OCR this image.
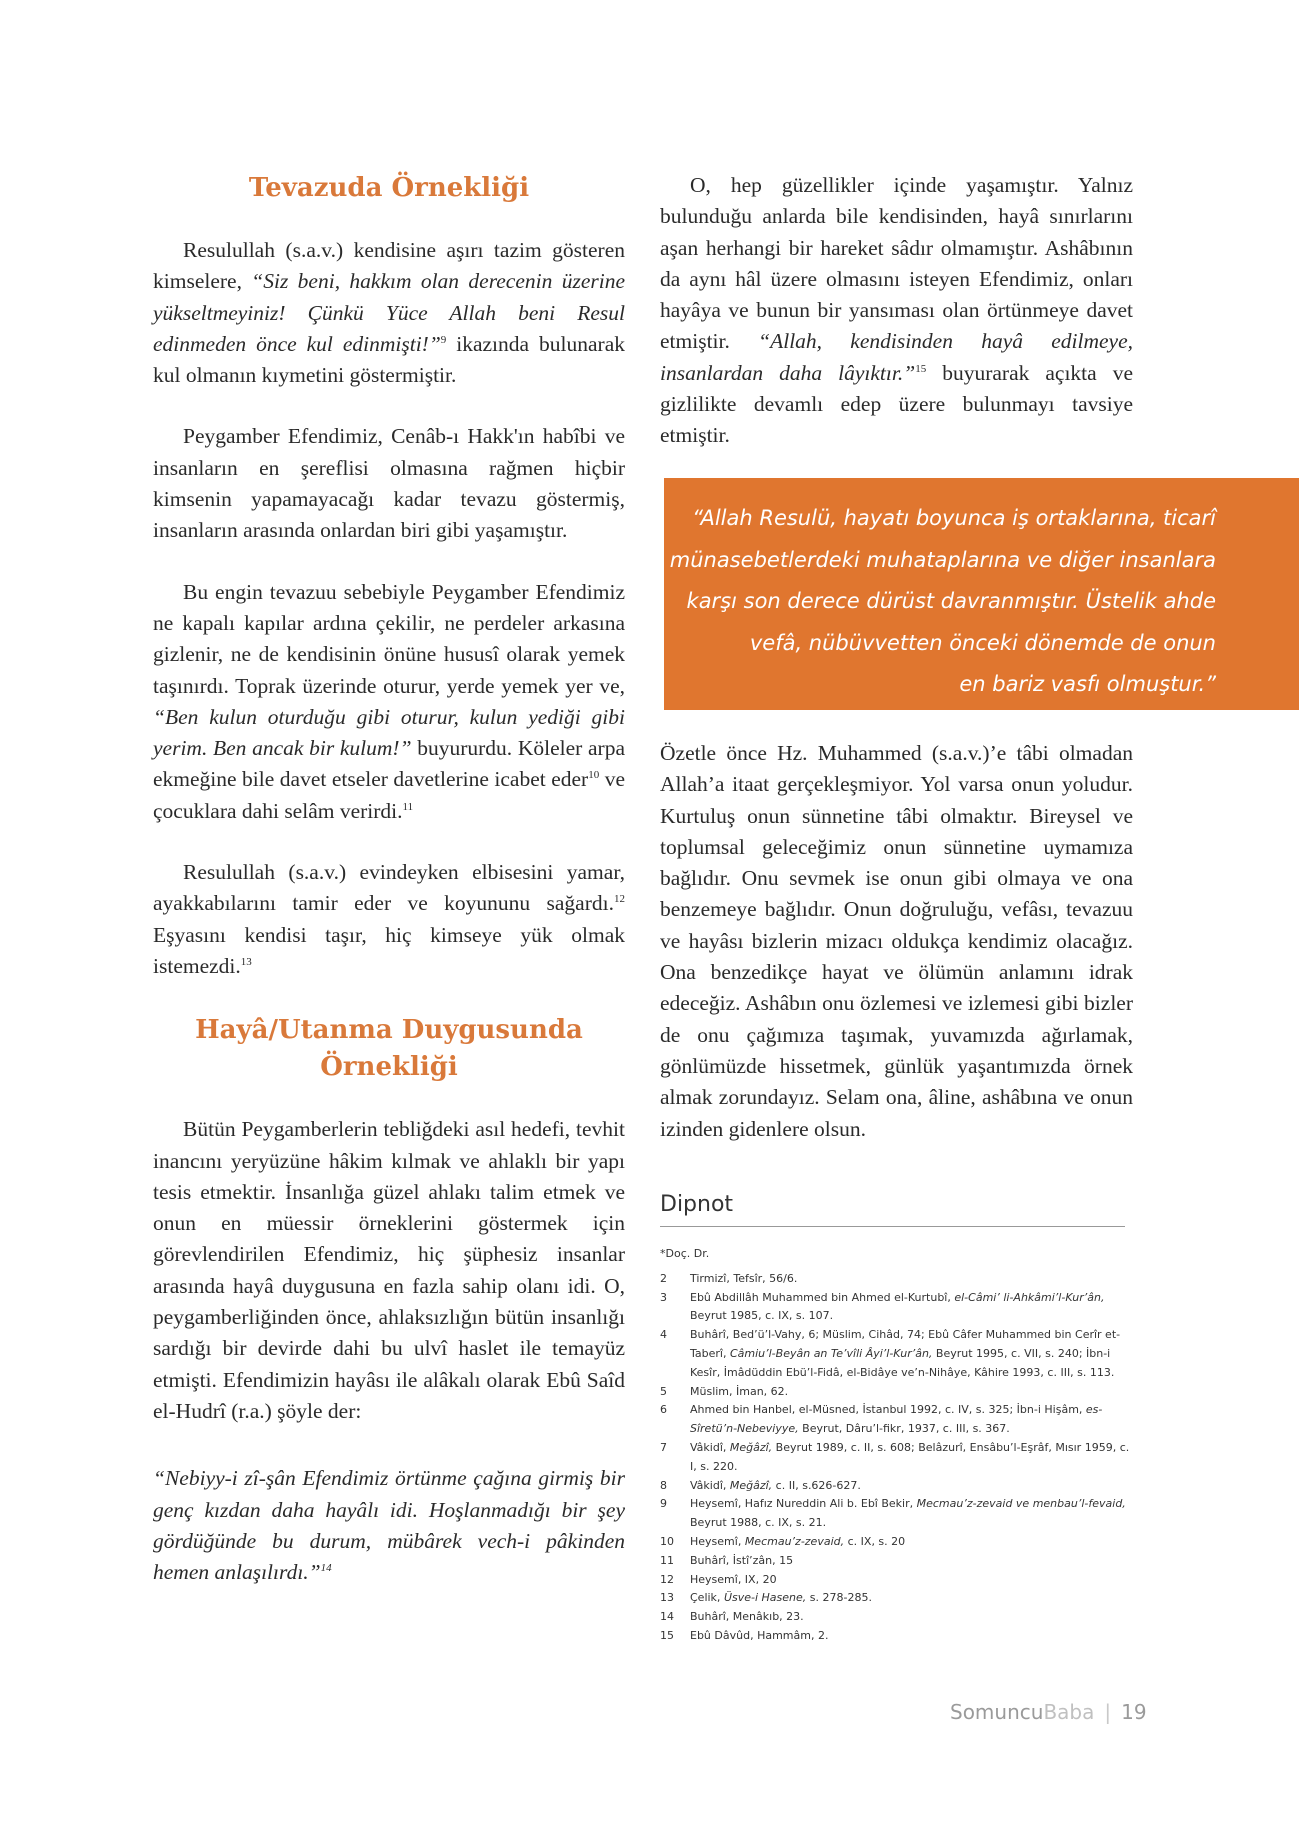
Tevazuda Örnekliği

Resulullah (s.a.v.) kendisine aşırı tazim gösteren kimselere, “Siz beni, hakkım olan derecenin üzerine yükseltmeyiniz! Çünkü Yüce Allah beni Resul edinmeden önce kul edinmişti!”$^9$ ikazında bulunarak kul olmanın kıymetini göstermiştir.

Peygamber Efendimiz, Cenâb-ı Hakk'ın habîbi ve insanların en şereflisi olmasına rağmen hiçbir kimsenin yapamayacağı kadar tevazu göstermiş, insanların arasında onlardan biri gibi yaşamıştır.

Bu engin tevazuu sebebiyle Peygamber Efendimiz ne kapalı kapılar ardına çekilir, ne perdeler arkasına gizlenir, ne de kendisinin önüne hususî olarak yemek taşınırdı. Toprak üzerinde oturur, yerde yemek yer ve, “Ben kulun oturduğu gibi oturur, kulun yediği gibi yerim. Ben ancak bir kulum!” buyururdu. Köleler arpa ekmeğine bile davet etseler davetlerine icabet eder$^{10}$ ve çocuklara dahi selâm verirdi.$^{11}$

Resulullah (s.a.v.) evindeyken elbisesini yamar, ayakkabılarını tamir eder ve koyununu sağardı.$^{12}$ Eşyasını kendisi taşır, hiç kimseye yük olmak istemezdi.$^{13}$

Hayâ/Utanma Duygusunda
Örnekliği

Bütün Peygamberlerin tebliğdeki asıl hedefi, tevhit inancını yeryüzüne hâkim kılmak ve ahlaklı bir yapı tesis etmektir. İnsanlığa güzel ahlakı talim etmek ve onun en müessir örneklerini göstermek için görevlendirilen Efendimiz, hiç şüphesiz insanlar arasında hayâ duygusuna en fazla sahip olanı idi. O, peygamberliğinden önce, ahlaksızlığın bütün insanlığı sardığı bir devirde dahi bu ulvî haslet ile temayüz etmişti. Efendimizin hayâsı ile alâkalı olarak Ebû Saîd el-Hudrî (r.a.) şöyle der:

“Nebiyy-i zî-şân Efendimiz örtünme çağına girmiş bir genç kızdan daha hayâlı idi. Hoşlanmadığı bir şey gördüğünde bu durum, mübârek vech-i pâkinden hemen anlaşılırdı.”$^{14}$

O, hep güzellikler içinde yaşamıştır. Yalnız bulunduğu anlarda bile kendisinden, hayâ sınırlarını aşan herhangi bir hareket sâdır olmamıştır. Ashâbının da aynı hâl üzere olmasını isteyen Efendimiz, onları hayâya ve bunun bir yansıması olan örtünmeye davet etmiştir. “Allah, kendisinden hayâ edilmeye, insanlardan daha lâyıktır.”$^{15}$ buyurarak açıkta ve gizlilikte devamlı edep üzere bulunmayı tavsiye etmiştir.

“Allah Resulü, hayatı boyunca iş ortaklarına, ticarî
münasebetlerdeki muhataplarına ve diğer insanlara
karşı son derece dürüst davranmıştır. Üstelik ahde
vefâ, nübüvvetten önceki dönemde de onun
en bariz vasfı olmuştur.”

Özetle önce Hz. Muhammed (s.a.v.)’e tâbi olmadan Allah’a itaat gerçekleşmiyor. Yol varsa onun yoludur. Kurtuluş onun sünnetine tâbi olmaktır. Bireysel ve toplumsal geleceğimiz onun sünnetine uymamıza bağlıdır. Onu sevmek ise onun gibi olmaya ve ona benzemeye bağlıdır. Onun doğruluğu, vefâsı, tevazuu ve hayâsı bizlerin mizacı oldukça kendimiz olacağız. Ona benzedikçe hayat ve ölümün anlamını idrak edeceğiz. Ashâbın onu özlemesi ve izlemesi gibi bizler de onu çağımıza taşımak, yuvamızda ağırlamak, gönlümüzde hissetmek, günlük yaşantımızda örnek almak zorundayız. Selam ona, âline, ashâbına ve onun izinden gidenlere olsun.

Dipnot
* Doç. Dr.
2	Tirmizî, Tefsîr, 56/6.
3	Ebû Abdillâh Muhammed bin Ahmed el-Kurtubî, el-Câmi’ li-Ahkâmi’l-Kur’ân, Beyrut 1985, c. IX, s. 107.
4	Buhârî, Bed’ü’l-Vahy, 6; Müslim, Cihâd, 74; Ebû Câfer Muhammed bin Cerîr et-Taberî, Câmiu’l-Beyân an Te’vîli Âyi’l-Kur’ân, Beyrut 1995, c. VII, s. 240; İbn-i Kesîr, İmâdüddin Ebü’l-Fidâ, el-Bidâye ve’n-Nihâye, Kâhire 1993, c. III, s. 113.
5	Müslim, İman, 62.
6	Ahmed bin Hanbel, el-Müsned, İstanbul 1992, c. IV, s. 325; İbn-i Hişâm, es-Sîretü’n-Nebeviyye, Beyrut, Dâru’l-fikr, 1937, c. III, s. 367.
7	Vâkidî, Meğâzî, Beyrut 1989, c. II, s. 608; Belâzurî, Ensâbu’l-Eşrâf, Mısır 1959, c. I, s. 220.
8	Vâkidî, Meğâzî, c. II, s.626-627.
9	Heysemî, Hafız Nureddin Ali b. Ebî Bekir, Mecmau’z-zevaid ve menbau’l-fevaid, Beyrut 1988, c. IX, s. 21.
10	Heysemî, Mecmau’z-zevaid, c. IX, s. 20
11	Buhârî, İstî’zân, 15
12	Heysemî, IX, 20
13	Çelik, Üsve-i Hasene, s. 278-285.
14	Buhârî, Menâkıb, 23.
15	Ebû Dâvûd, Hammâm, 2.
SomuncuBaba | 19
